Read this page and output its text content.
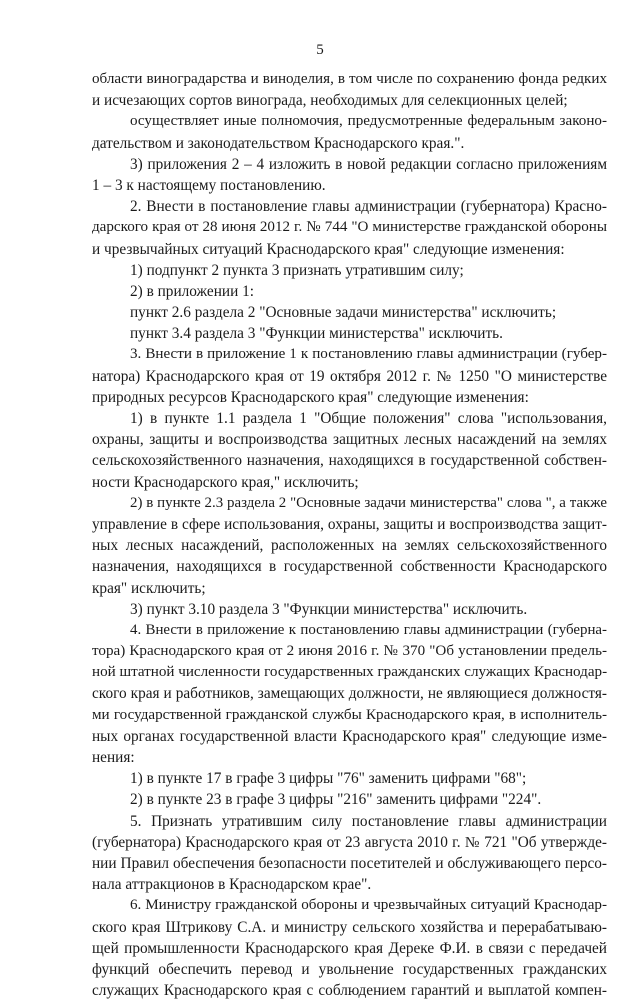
5
области виноградарства и виноделия, в том числе по сохранению фонда редких
и исчезающих сортов винограда, необходимых для селекционных целей;
осуществляет иные полномочия, предусмотренные федеральным законо-
дательством и законодательством Краснодарского края.".
3) приложения 2 – 4 изложить в новой редакции согласно приложениям
1 – 3 к настоящему постановлению.
2. Внести в постановление главы администрации (губернатора) Красно-
дарского края от 28 июня 2012 г. № 744 "О министерстве гражданской обороны
и чрезвычайных ситуаций Краснодарского края" следующие изменения:
1) подпункт 2 пункта 3 признать утратившим силу;
2) в приложении 1:
пункт 2.6 раздела 2 "Основные задачи министерства" исключить;
пункт 3.4 раздела 3 "Функции министерства" исключить.
3. Внести в приложение 1 к постановлению главы администрации (губер-
натора) Краснодарского края от 19 октября 2012 г. № 1250 "О министерстве
природных ресурсов Краснодарского края" следующие изменения:
1) в пункте 1.1 раздела 1 "Общие положения" слова "использования,
охраны, защиты и воспроизводства защитных лесных насаждений на землях
сельскохозяйственного назначения, находящихся в государственной собствен-
ности Краснодарского края," исключить;
2) в пункте 2.3 раздела 2 "Основные задачи министерства" слова ", а также
управление в сфере использования, охраны, защиты и воспроизводства защит-
ных лесных насаждений, расположенных на землях сельскохозяйственного
назначения, находящихся в государственной собственности Краснодарского
края" исключить;
3) пункт 3.10 раздела 3 "Функции министерства" исключить.
4. Внести в приложение к постановлению главы администрации (губерна-
тора) Краснодарского края от 2 июня 2016 г. № 370 "Об установлении предель-
ной штатной численности государственных гражданских служащих Краснодар-
ского края и работников, замещающих должности, не являющиеся должностя-
ми государственной гражданской службы Краснодарского края, в исполнитель-
ных органах государственной власти Краснодарского края" следующие изме-
нения:
1) в пункте 17 в графе 3 цифры "76" заменить цифрами "68";
2) в пункте 23 в графе 3 цифры "216" заменить цифрами "224".
5. Признать утратившим силу постановление главы администрации
(губернатора) Краснодарского края от 23 августа 2010 г. № 721 "Об утвержде-
нии Правил обеспечения безопасности посетителей и обслуживающего персо-
нала аттракционов в Краснодарском крае".
6. Министру гражданской обороны и чрезвычайных ситуаций Краснодар-
ского края Штрикову С.А. и министру сельского хозяйства и перерабатываю-
щей промышленности Краснодарского края Дереке Ф.И. в связи с передачей
функций обеспечить перевод и увольнение государственных гражданских
служащих Краснодарского края с соблюдением гарантий и выплатой компен-
